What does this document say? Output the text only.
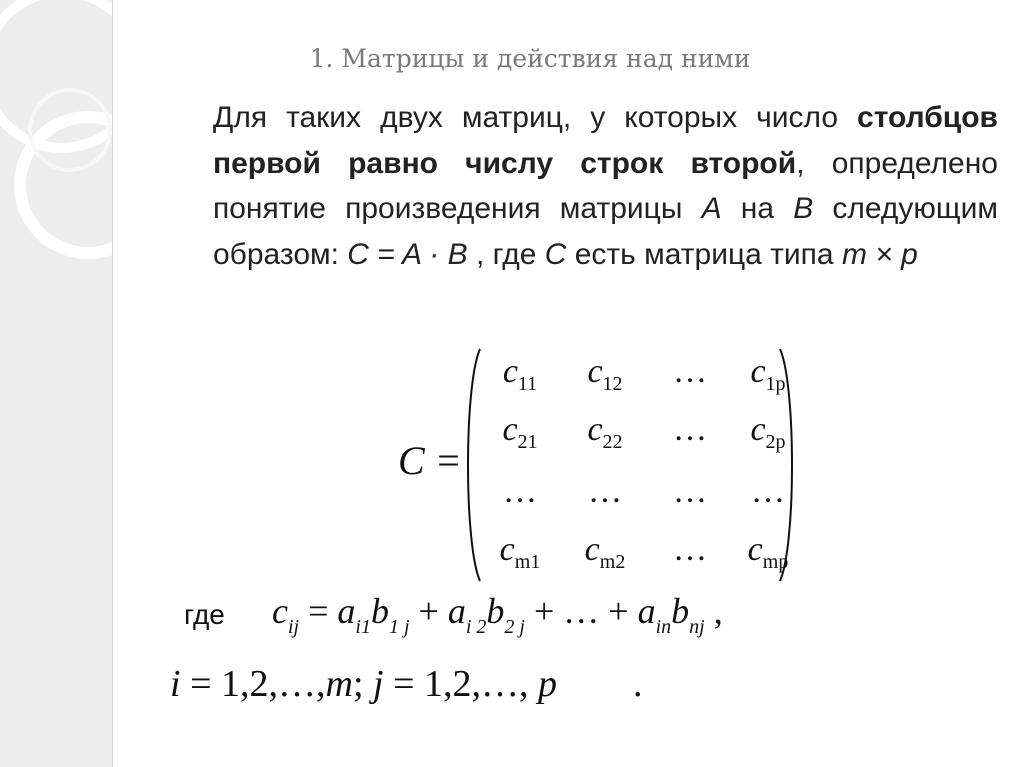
1. Матрицы и действия над ними
Для таких двух матриц, у которых число столбцов первой равно числу строк второй, определено понятие произведения матрицы A на B следующим образом: C = A · B , где C есть матрица типа m × p
C =
$c_{11}$	$c_{12}$	…	$c_{1p}$
$c_{21}$	$c_{22}$	…	$c_{2p}$
…	…	…	…
$c_{m1}$	$c_{m2}$	…	$c_{mp}$
где $c_{ij} = a_{i1}b_{1 j} + a_{i 2}b_{2 j}$ + … + $a_{in}b_{nj}$ ,
i = 1,2,…,m; j = 1,2,…, p        .
